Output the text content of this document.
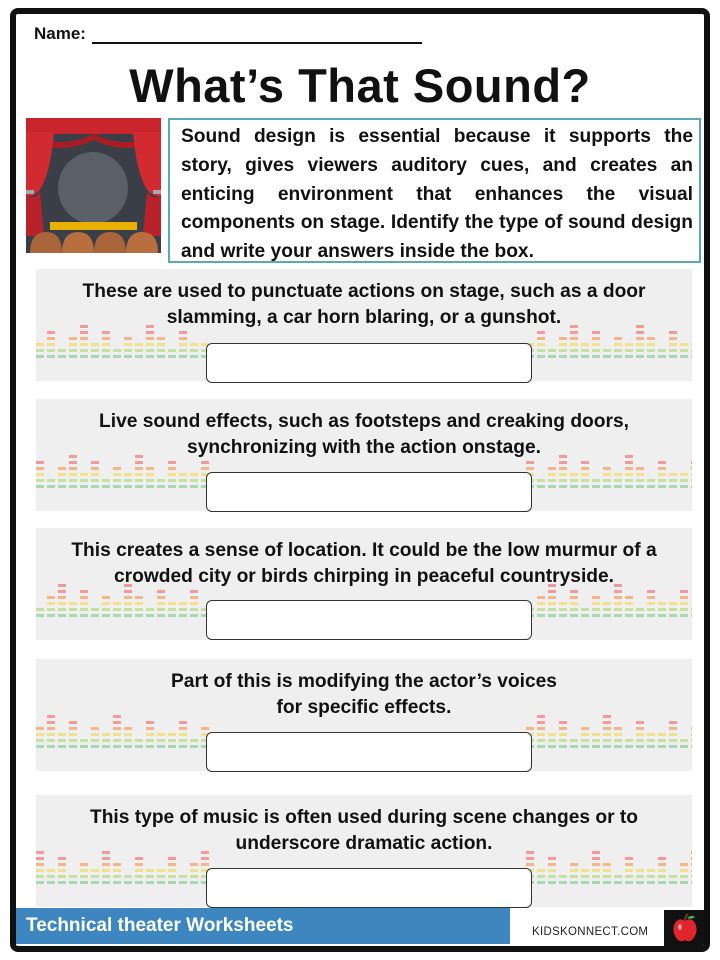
Name:
What’s That Sound?
Sound design is essential because it supports the story, gives viewers auditory cues, and creates an enticing environment that enhances the visual components on stage. Identify the type of sound design and write your answers inside the box.
These are used to punctuate actions on stage, such as a door slamming, a car horn blaring, or a gunshot.
Live sound effects, such as footsteps and creaking doors, synchronizing with the action onstage.
This creates a sense of location. It could be the low murmur of a crowded city or birds chirping in peaceful countryside.
Part of this is modifying the actor’s voices
for specific effects.
This type of music is often used during scene changes or to underscore dramatic action.
Technical theater Worksheets	KIDSKONNECT.COM
